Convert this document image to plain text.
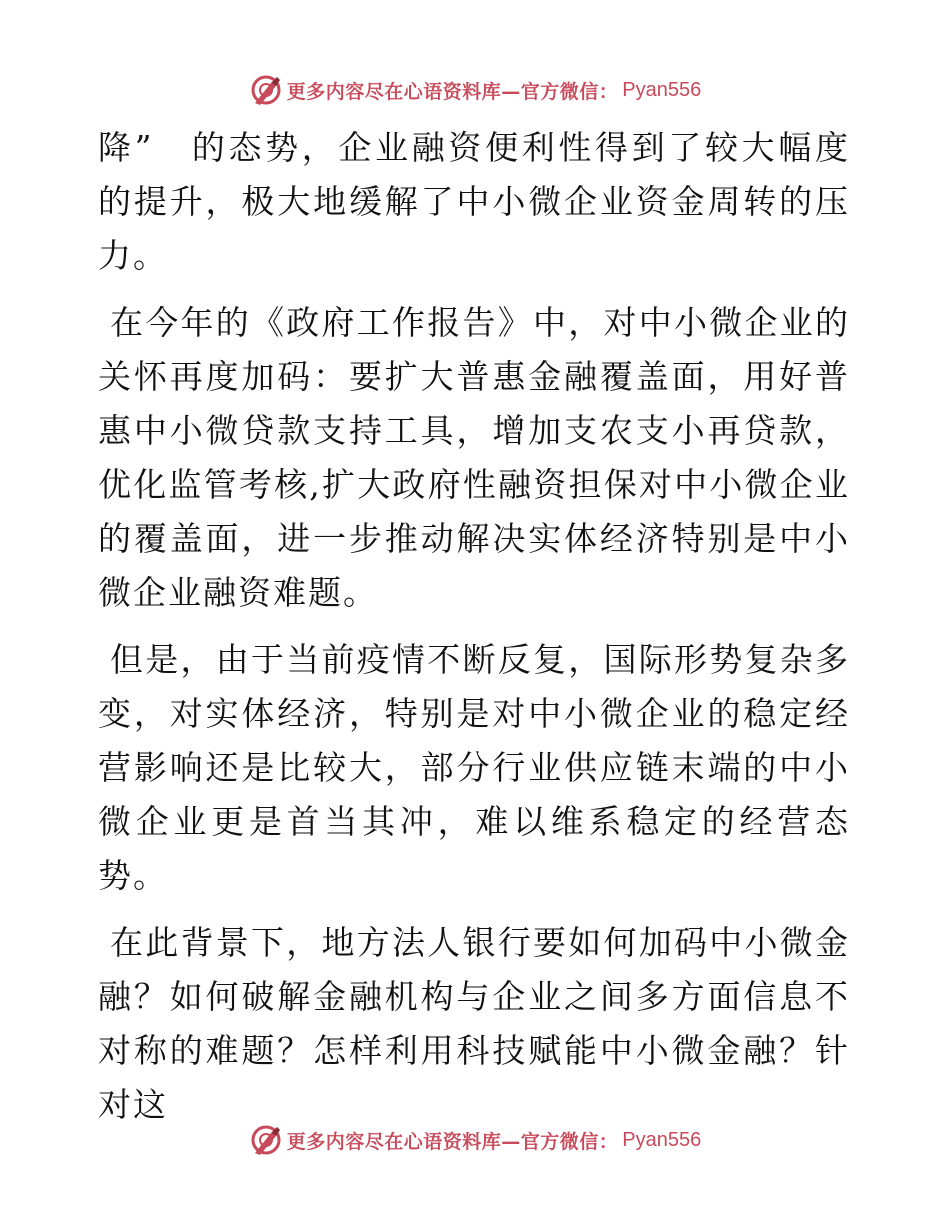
更多内容尽在心语资料库—官方微信： Pyan556

降”　的态势，企业融资便利性得到了较大幅度的提升，极大地缓解了中小微企业资金周转的压力。

在今年的《政府工作报告》中，对中小微企业的关怀再度加码：要扩大普惠金融覆盖面，用好普惠中小微贷款支持工具，增加支农支小再贷款，优化监管考核,扩大政府性融资担保对中小微企业的覆盖面，进一步推动解决实体经济特别是中小微企业融资难题。

但是，由于当前疫情不断反复，国际形势复杂多变，对实体经济，特别是对中小微企业的稳定经营影响还是比较大，部分行业供应链末端的中小微企业更是首当其冲，难以维系稳定的经营态势。

在此背景下，地方法人银行要如何加码中小微金融？如何破解金融机构与企业之间多方面信息不对称的难题？怎样利用科技赋能中小微金融？针对这

更多内容尽在心语资料库—官方微信： Pyan556
